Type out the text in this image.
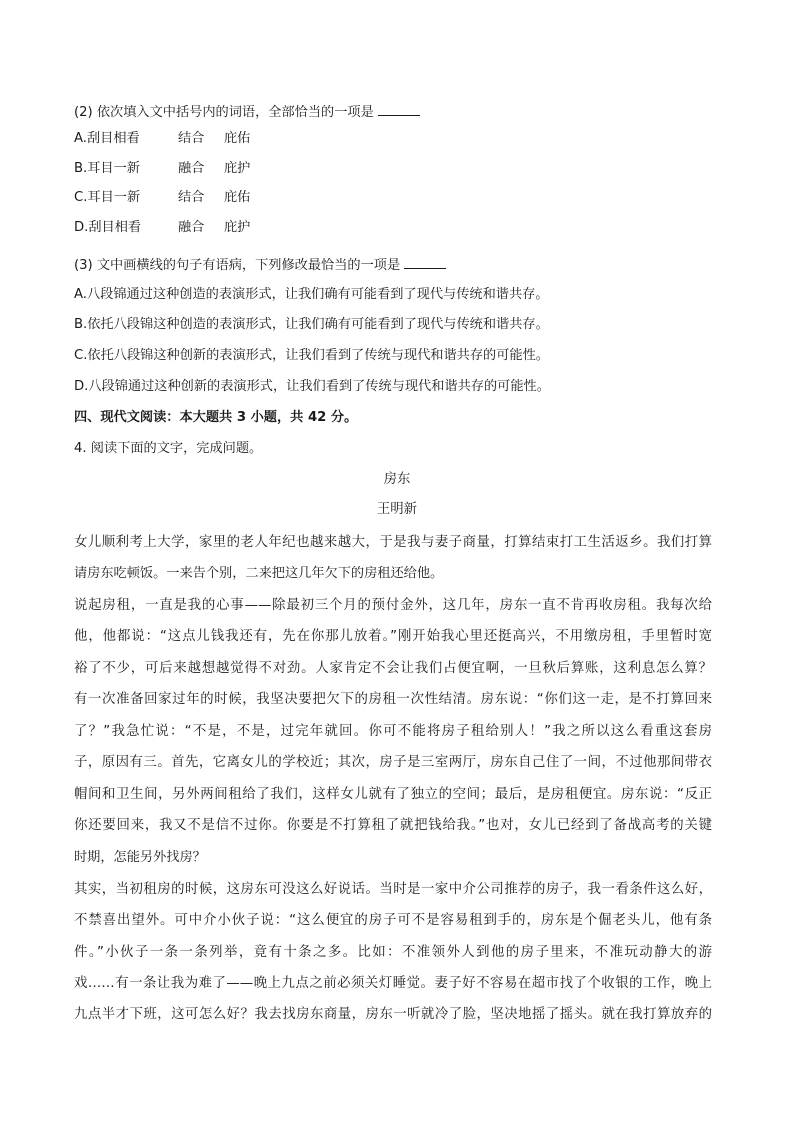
(2) 依次填入文中括号内的词语，全部恰当的一项是
A.刮目相看	结合 庇佑
B.耳目一新	融合 庇护
C.耳目一新	结合 庇佑
D.刮目相看	融合 庇护
(3) 文中画横线的句子有语病，下列修改最恰当的一项是
A.八段锦通过这种创造的表演形式，让我们确有可能看到了现代与传统和谐共存。
B.依托八段锦这种创造的表演形式，让我们确有可能看到了现代与传统和谐共存。
C.依托八段锦这种创新的表演形式，让我们看到了传统与现代和谐共存的可能性。
D.八段锦通过这种创新的表演形式，让我们看到了传统与现代和谐共存的可能性。
四、现代文阅读：本大题共 3 小题，共 42 分。
4. 阅读下面的文字，完成问题。
房东
王明新
女儿顺利考上大学，家里的老人年纪也越来越大，于是我与妻子商量，打算结束打工生活返乡。我们打算
请房东吃顿饭。一来告个别，二来把这几年欠下的房租还给他。
说起房租，一直是我的心事——除最初三个月的预付金外，这几年，房东一直不肯再收房租。我每次给
他，他都说：“这点儿钱我还有，先在你那儿放着。”刚开始我心里还挺高兴，不用缴房租，手里暂时宽
裕了不少，可后来越想越觉得不对劲。人家肯定不会让我们占便宜啊，一旦秋后算账，这利息怎么算？
有一次准备回家过年的时候，我坚决要把欠下的房租一次性结清。房东说：“你们这一走，是不打算回来
了？”我急忙说：“不是，不是，过完年就回。你可不能将房子租给别人！”我之所以这么看重这套房
子，原因有三。首先，它离女儿的学校近；其次，房子是三室两厅，房东自己住了一间，不过他那间带衣
帽间和卫生间，另外两间租给了我们，这样女儿就有了独立的空间；最后，是房租便宜。房东说：“反正
你还要回来，我又不是信不过你。你要是不打算租了就把钱给我。”也对，女儿已经到了备战高考的关键
时期，怎能另外找房？
其实，当初租房的时候，这房东可没这么好说话。当时是一家中介公司推荐的房子，我一看条件这么好，
不禁喜出望外。可中介小伙子说：“这么便宜的房子可不是容易租到手的，房东是个倔老头儿，他有条
件。”小伙子一条一条列举，竟有十条之多。比如：不准领外人到他的房子里来，不准玩动静大的游
戏……有一条让我为难了——晚上九点之前必须关灯睡觉。妻子好不容易在超市找了个收银的工作，晚上
九点半才下班，这可怎么好？我去找房东商量，房东一听就冷了脸，坚决地摇了摇头。就在我打算放弃的
